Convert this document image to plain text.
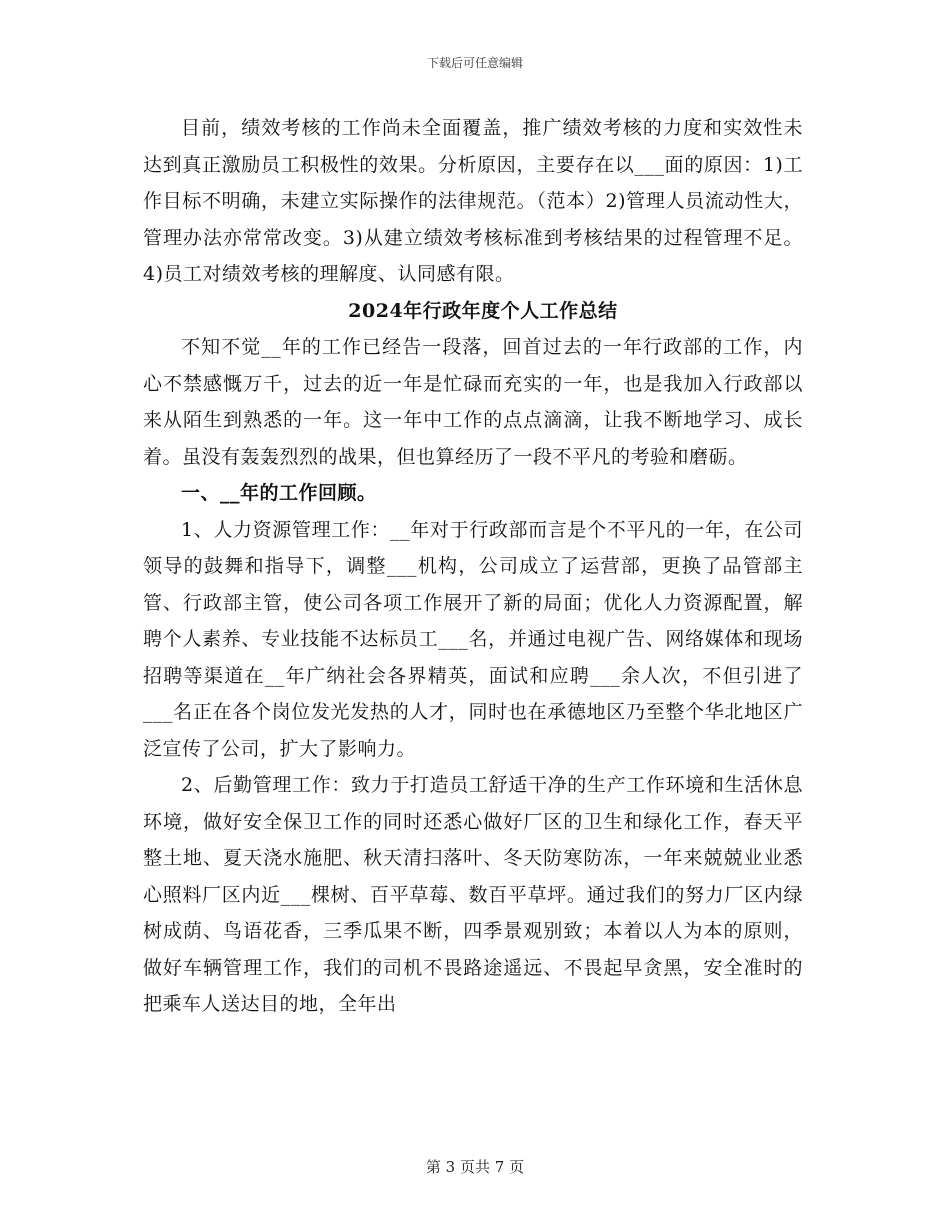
下载后可任意编辑

目前，绩效考核的工作尚未全面覆盖，推广绩效考核的力度和实效性未达到真正激励员工积极性的效果。分析原因，主要存在以___面的原因：1)工作目标不明确，未建立实际操作的法律规范。（范本）2)管理人员流动性大，管理办法亦常常改变。3)从建立绩效考核标准到考核结果的过程管理不足。4)员工对绩效考核的理解度、认同感有限。

2024年行政年度个人工作总结

不知不觉__年的工作已经告一段落，回首过去的一年行政部的工作，内心不禁感慨万千，过去的近一年是忙碌而充实的一年，也是我加入行政部以来从陌生到熟悉的一年。这一年中工作的点点滴滴，让我不断地学习、成长着。虽没有轰轰烈烈的战果，但也算经历了一段不平凡的考验和磨砺。

一、__年的工作回顾。

1、人力资源管理工作：__年对于行政部而言是个不平凡的一年，在公司领导的鼓舞和指导下，调整___机构，公司成立了运营部，更换了品管部主管、行政部主管，使公司各项工作展开了新的局面；优化人力资源配置，解聘个人素养、专业技能不达标员工___名，并通过电视广告、网络媒体和现场招聘等渠道在__年广纳社会各界精英，面试和应聘___余人次，不但引进了___名正在各个岗位发光发热的人才，同时也在承德地区乃至整个华北地区广泛宣传了公司，扩大了影响力。

2、后勤管理工作：致力于打造员工舒适干净的生产工作环境和生活休息环境，做好安全保卫工作的同时还悉心做好厂区的卫生和绿化工作，春天平整土地、夏天浇水施肥、秋天清扫落叶、冬天防寒防冻，一年来兢兢业业悉心照料厂区内近___棵树、百平草莓、数百平草坪。通过我们的努力厂区内绿树成荫、鸟语花香，三季瓜果不断，四季景观别致；本着以人为本的原则，做好车辆管理工作，我们的司机不畏路途遥远、不畏起早贪黑，安全准时的把乘车人送达目的地，全年出

第 3 页共 7 页
